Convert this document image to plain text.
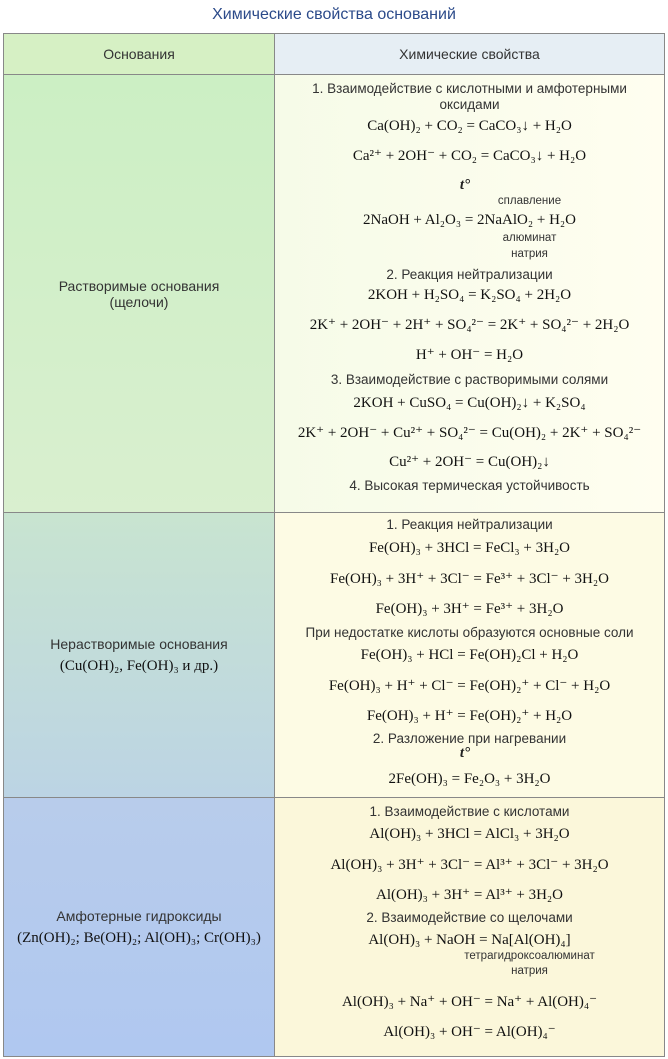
Химические свойства оснований
Основания	Химические свойства
Растворимые основания
(щелочи)
1. Взаимодействие с кислотными и амфотерными
оксидами
Ca(OH)₂ + CO₂ = CaCO₃↓ + H₂O
Ca²⁺ + 2OH⁻ + CO₂ = CaCO₃↓ + H₂O
t°
сплавление
2NaOH + Al₂O₃ = 2NaAlO₂ + H₂O
алюминат
натрия
2. Реакция нейтрализации
2KOH + H₂SO₄ = K₂SO₄ + 2H₂O
2K⁺ + 2OH⁻ + 2H⁺ + SO₄²⁻ = 2K⁺ + SO₄²⁻ + 2H₂O
H⁺ + OH⁻ = H₂O
3. Взаимодействие с растворимыми солями
2KOH + CuSO₄ = Cu(OH)₂↓ + K₂SO₄
2K⁺ + 2OH⁻ + Cu²⁺ + SO₄²⁻ = Cu(OH)₂ + 2K⁺ + SO₄²⁻
Cu²⁺ + 2OH⁻ = Cu(OH)₂↓
4. Высокая термическая устойчивость
Нерастворимые основания
(Cu(OH)₂, Fe(OH)₃ и др.)
1. Реакция нейтрализации
Fe(OH)₃ + 3HCl = FeCl₃ + 3H₂O
Fe(OH)₃ + 3H⁺ + 3Cl⁻ = Fe³⁺ + 3Cl⁻ + 3H₂O
Fe(OH)₃ + 3H⁺ = Fe³⁺ + 3H₂O
При недостатке кислоты образуются основные соли
Fe(OH)₃ + HCl = Fe(OH)₂Cl + H₂O
Fe(OH)₃ + H⁺ + Cl⁻ = Fe(OH)₂⁺ + Cl⁻ + H₂O
Fe(OH)₃ + H⁺ = Fe(OH)₂⁺ + H₂O
2. Разложение при нагревании
t°
2Fe(OH)₃ = Fe₂O₃ + 3H₂O
Амфотерные гидроксиды
(Zn(OH)₂; Be(OH)₂; Al(OH)₃; Cr(OH)₃)
1. Взаимодействие с кислотами
Al(OH)₃ + 3HCl = AlCl₃ + 3H₂O
Al(OH)₃ + 3H⁺ + 3Cl⁻ = Al³⁺ + 3Cl⁻ + 3H₂O
Al(OH)₃ + 3H⁺ = Al³⁺ + 3H₂O
2. Взаимодействие со щелочами
Al(OH)₃ + NaOH = Na[Al(OH)₄]
тетрагидроксоалюминат
натрия
Al(OH)₃ + Na⁺ + OH⁻ = Na⁺ + Al(OH)₄⁻
Al(OH)₃ + OH⁻ = Al(OH)₄⁻
